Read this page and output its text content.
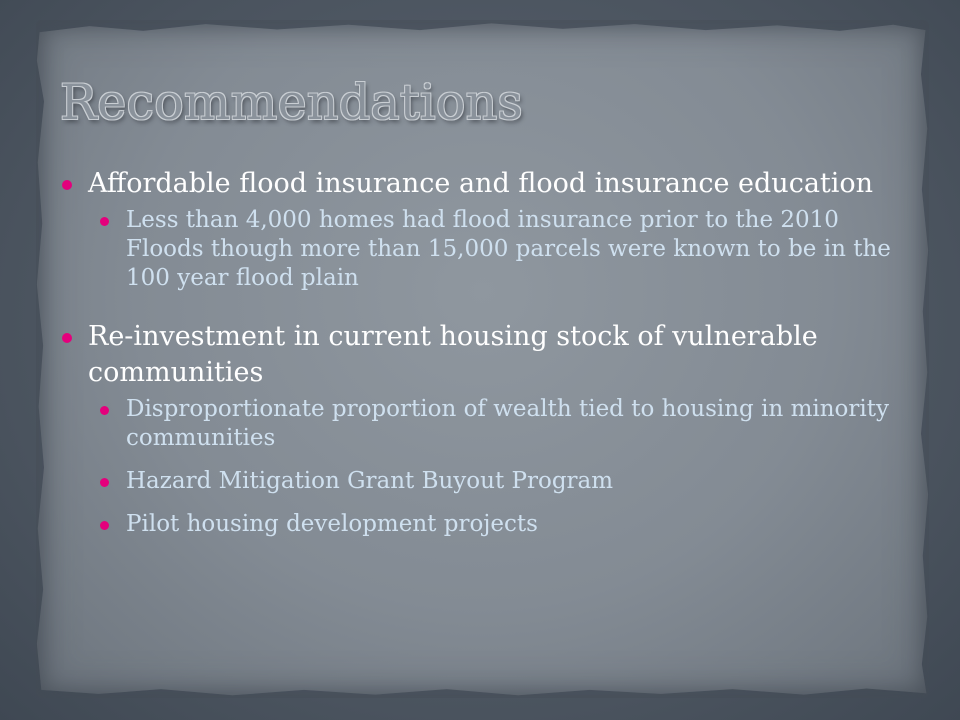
Recommendations

Affordable flood insurance and flood insurance education

Less than 4,000 homes had flood insurance prior to the 2010 Floods though more than 15,000 parcels were known to be in the 100 year flood plain

Re-investment in current housing stock of vulnerable communities

Disproportionate proportion of wealth tied to housing in minority communities

Hazard Mitigation Grant Buyout Program

Pilot housing development projects
